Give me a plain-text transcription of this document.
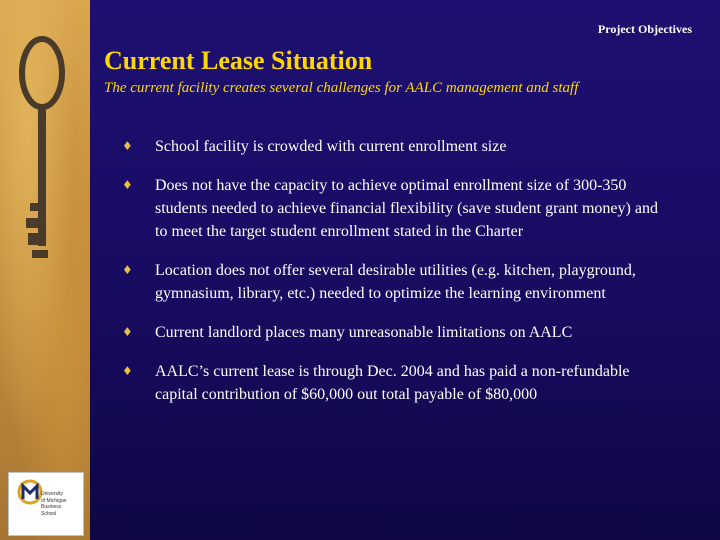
University
of Michigan
Business
School
Project Objectives
Current Lease Situation

The current facility creates several challenges for AALC management and staff

♦ School facility is crowded with current enrollment size
♦ Does not have the capacity to achieve optimal enrollment size of 300-350 students needed to achieve financial flexibility (save student grant money) and to meet the target student enrollment stated in the Charter
♦ Location does not offer several desirable utilities (e.g. kitchen, playground, gymnasium, library, etc.) needed to optimize the learning environment
♦ Current landlord places many unreasonable limitations on AALC
♦ AALC’s current lease is through Dec. 2004 and has paid a non-refundable capital contribution of $60,000 out total payable of $80,000
